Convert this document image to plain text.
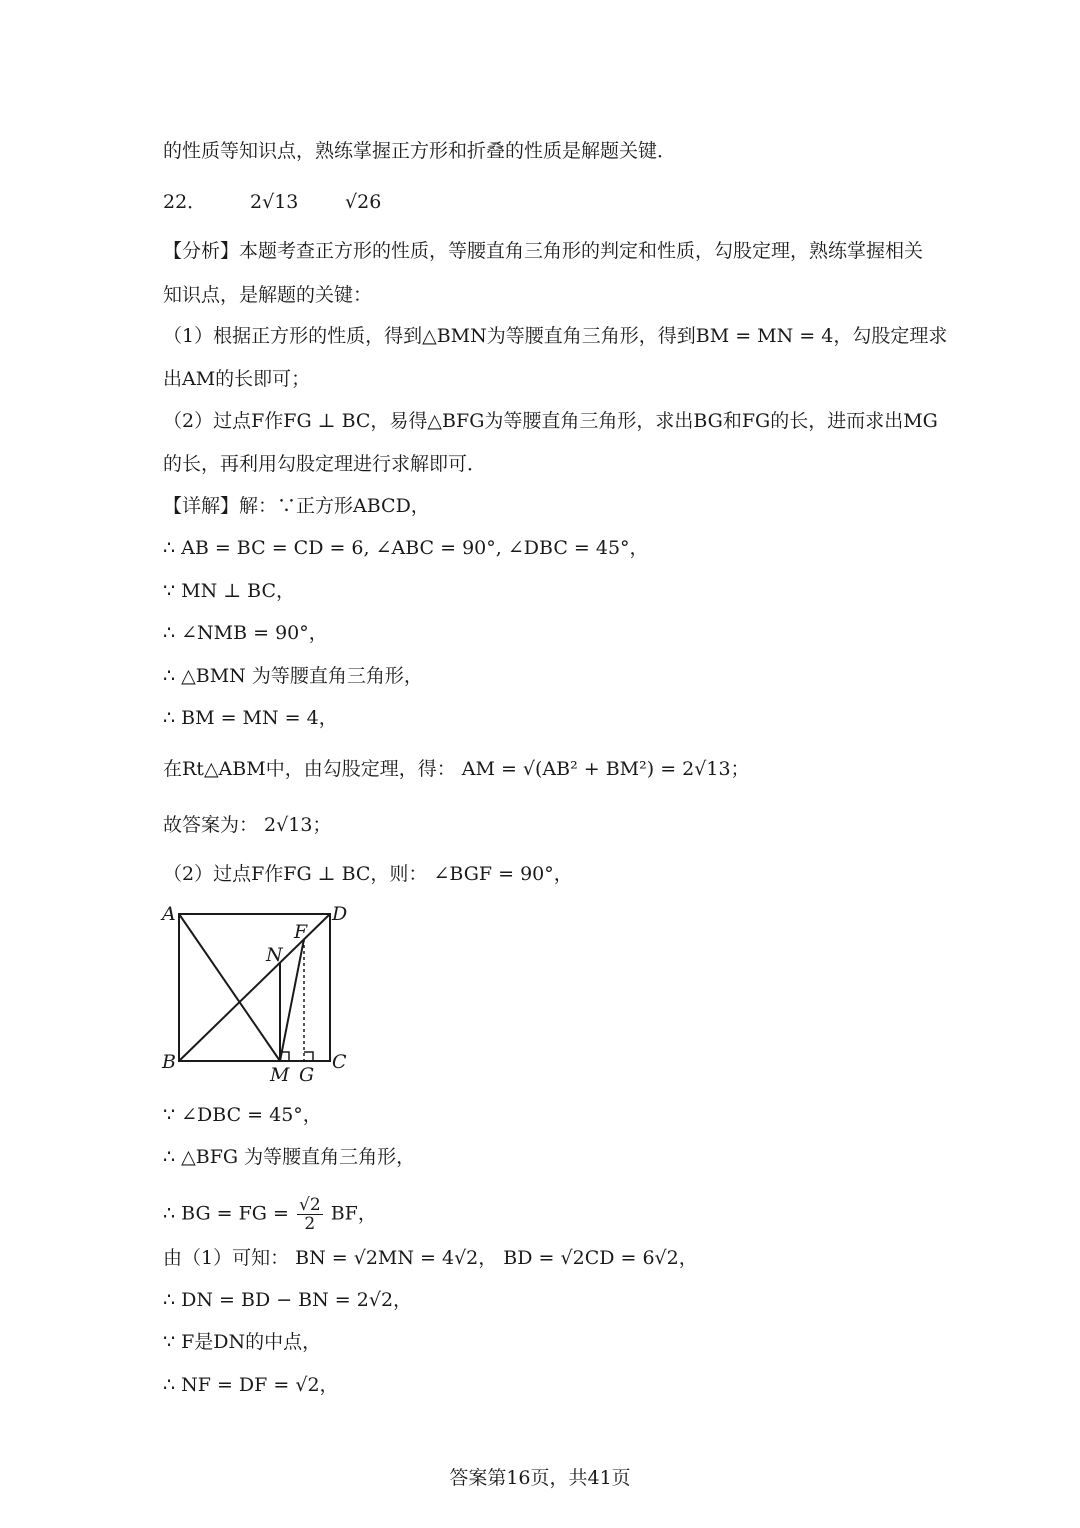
的性质等知识点，熟练掌握正方形和折叠的性质是解题关键．
22． 2√13 √26
【分析】本题考查正方形的性质，等腰直角三角形的判定和性质，勾股定理，熟练掌握相关
知识点，是解题的关键：
（1）根据正方形的性质，得到△BMN为等腰直角三角形，得到BM = MN = 4，勾股定理求
出AM的长即可；
（2）过点F作FG ⊥ BC，易得△BFG为等腰直角三角形，求出BG和FG的长，进而求出MG
的长，再利用勾股定理进行求解即可．
【详解】解：∵正方形ABCD，
∴ AB = BC = CD = 6, ∠ABC = 90°, ∠DBC = 45°，
∵ MN ⊥ BC，
∴ ∠NMB = 90°，
∴ △BMN 为等腰直角三角形，
∴ BM = MN = 4，
在Rt△ABM中，由勾股定理，得： AM = √(AB² + BM²) = 2√13；
故答案为： 2√13；
（2）过点F作FG ⊥ BC，则： ∠BGF = 90°，
A	D
F
N
B
M G
C
∵ ∠DBC = 45°，
∴ △BFG 为等腰直角三角形，
∴ BG = FG = $\frac{√2}{2}$ BF，
由（1）可知： BN = √2MN = 4√2， BD = √2CD = 6√2，
∴ DN = BD − BN = 2√2，
∵ F是DN的中点，
∴ NF = DF = √2，
答案第16页，共41页
